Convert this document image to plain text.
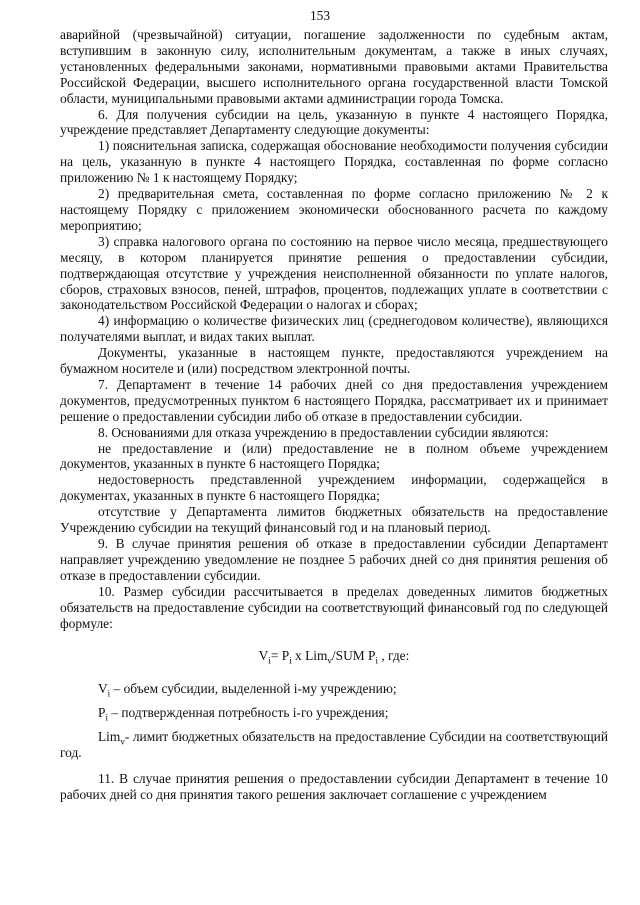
153

аварийной (чрезвычайной) ситуации, погашение задолженности по судебным актам, вступившим в законную силу, исполнительным документам, а также в иных случаях, установленных федеральными законами, нормативными правовыми актами Правительства Российской Федерации, высшего исполнительного органа государственной власти Томской области, муниципальными правовыми актами администрации города Томска.

6. Для получения субсидии на цель, указанную в пункте 4 настоящего Порядка, учреждение представляет Департаменту следующие документы:

1) пояснительная записка, содержащая обоснование необходимости получения субсидии на цель, указанную в пункте 4 настоящего Порядка, составленная по форме согласно приложению № 1 к настоящему Порядку;

2) предварительная смета, составленная по форме согласно приложению № 2 к настоящему Порядку с приложением экономически обоснованного расчета по каждому мероприятию;

3) справка налогового органа по состоянию на первое число месяца, предшествующего месяцу, в котором планируется принятие решения о предоставлении субсидии, подтверждающая отсутствие у учреждения неисполненной обязанности по уплате налогов, сборов, страховых взносов, пеней, штрафов, процентов, подлежащих уплате в соответствии с законодательством Российской Федерации о налогах и сборах;

4) информацию о количестве физических лиц (среднегодовом количестве), являющихся получателями выплат, и видах таких выплат.

Документы, указанные в настоящем пункте, предоставляются учреждением на бумажном носителе и (или) посредством электронной почты.

7. Департамент в течение 14 рабочих дней со дня предоставления учреждением документов, предусмотренных пунктом 6 настоящего Порядка, рассматривает их и принимает решение о предоставлении субсидии либо об отказе в предоставлении субсидии.

8. Основаниями для отказа учреждению в предоставлении субсидии являются:

не предоставление и (или) предоставление не в полном объеме учреждением документов, указанных в пункте 6 настоящего Порядка;

недостоверность представленной учреждением информации, содержащейся в документах, указанных в пункте 6 настоящего Порядка;

отсутствие у Департамента лимитов бюджетных обязательств на предоставление Учреждению субсидии на текущий финансовый год и на плановый период.

9. В случае принятия решения об отказе в предоставлении субсидии Департамент направляет учреждению уведомление не позднее 5 рабочих дней со дня принятия решения об отказе в предоставлении субсидии.

10. Размер субсидии рассчитывается в пределах доведенных лимитов бюджетных обязательств на предоставление субсидии на соответствующий финансовый год по следующей формуле:

$V_i= P_i$ x Lim$_v$/SUM $P_i$ , где:

$V_i$ – объем субсидии, выделенной i-му учреждению;

$P_i$ – подтвержденная потребность i-го учреждения;

Lim$_v$- лимит бюджетных обязательств на предоставление Субсидии на соответствующий год.

11. В случае принятия решения о предоставлении субсидии Департамент в течение 10 рабочих дней со дня принятия такого решения заключает соглашение с учреждением
